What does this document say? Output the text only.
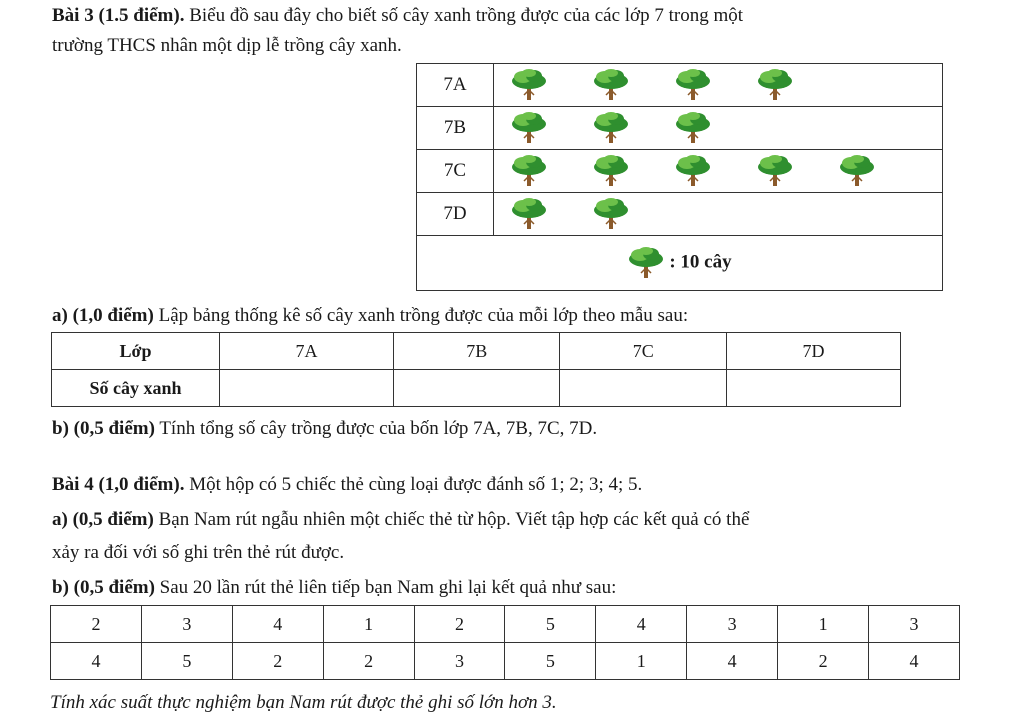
Bài 3 (1.5 điểm). Biểu đồ sau đây cho biết số cây xanh trồng được của các lớp 7 trong một
trường THCS nhân một dịp lễ trồng cây xanh.
7A	

7B	

7C	

7D	

: 10 cây	
a) (1,0 điểm) Lập bảng thống kê số cây xanh trồng được của mỗi lớp theo mẫu sau:
Lớp	7A	7B	7C	7D
Số cây xanh				
b) (0,5 điểm) Tính tổng số cây trồng được của bốn lớp 7A, 7B, 7C, 7D.
Bài 4 (1,0 điểm). Một hộp có 5 chiếc thẻ cùng loại được đánh số 1; 2; 3; 4; 5.
a) (0,5 điểm) Bạn Nam rút ngẫu nhiên một chiếc thẻ từ hộp. Viết tập hợp các kết quả có thể
xảy ra đối với số ghi trên thẻ rút được.
b) (0,5 điểm) Sau 20 lần rút thẻ liên tiếp bạn Nam ghi lại kết quả như sau:
2	3	4	1	2	5	4	3	1	3
4	5	2	2	3	5	1	4	2	4
Tính xác suất thực nghiệm bạn Nam rút được thẻ ghi số lớn hơn 3.
